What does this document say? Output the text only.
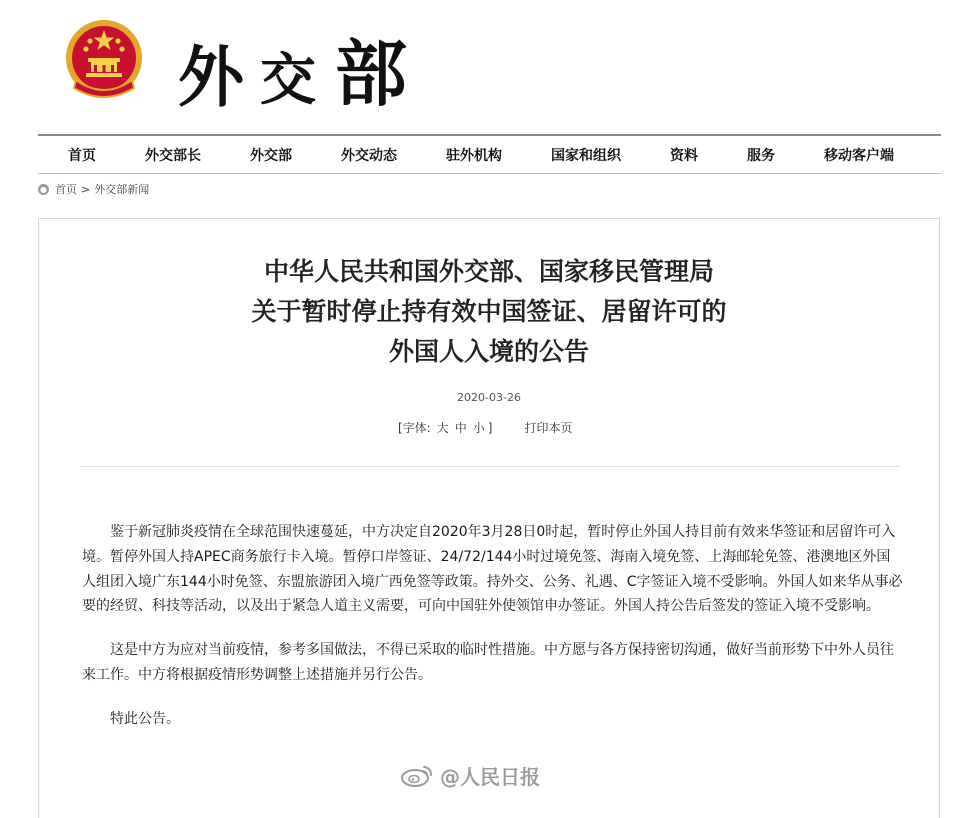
外 交 部
首页	外交部长	外交部	外交动态	驻外机构	国家和组织	资料	服务	移动客户端
● 首页 > 外交部新闻
中华人民共和国外交部、国家移民管理局
关于暂时停止持有效中国签证、居留许可的
外国人入境的公告
2020-03-26
[字体: 大 中 小 ]	打印本页

鉴于新冠肺炎疫情在全球范围快速蔓延，中方决定自2020年3月28日0时起，暂时停止外国人持目前有效来华签证和居留许可入境。暂停外国人持APEC商务旅行卡入境。暂停口岸签证、24/72/144小时过境免签、海南入境免签、上海邮轮免签、港澳地区外国人组团入境广东144小时免签、东盟旅游团入境广西免签等政策。持外交、公务、礼遇、C字签证入境不受影响。外国人如来华从事必要的经贸、科技等活动，以及出于紧急人道主义需要，可向中国驻外使领馆申办签证。外国人持公告后签发的签证入境不受影响。

这是中方为应对当前疫情，参考多国做法，不得已采取的临时性措施。中方愿与各方保持密切沟通，做好当前形势下中外人员往来工作。中方将根据疫情形势调整上述措施并另行公告。

特此公告。

@人民日报
